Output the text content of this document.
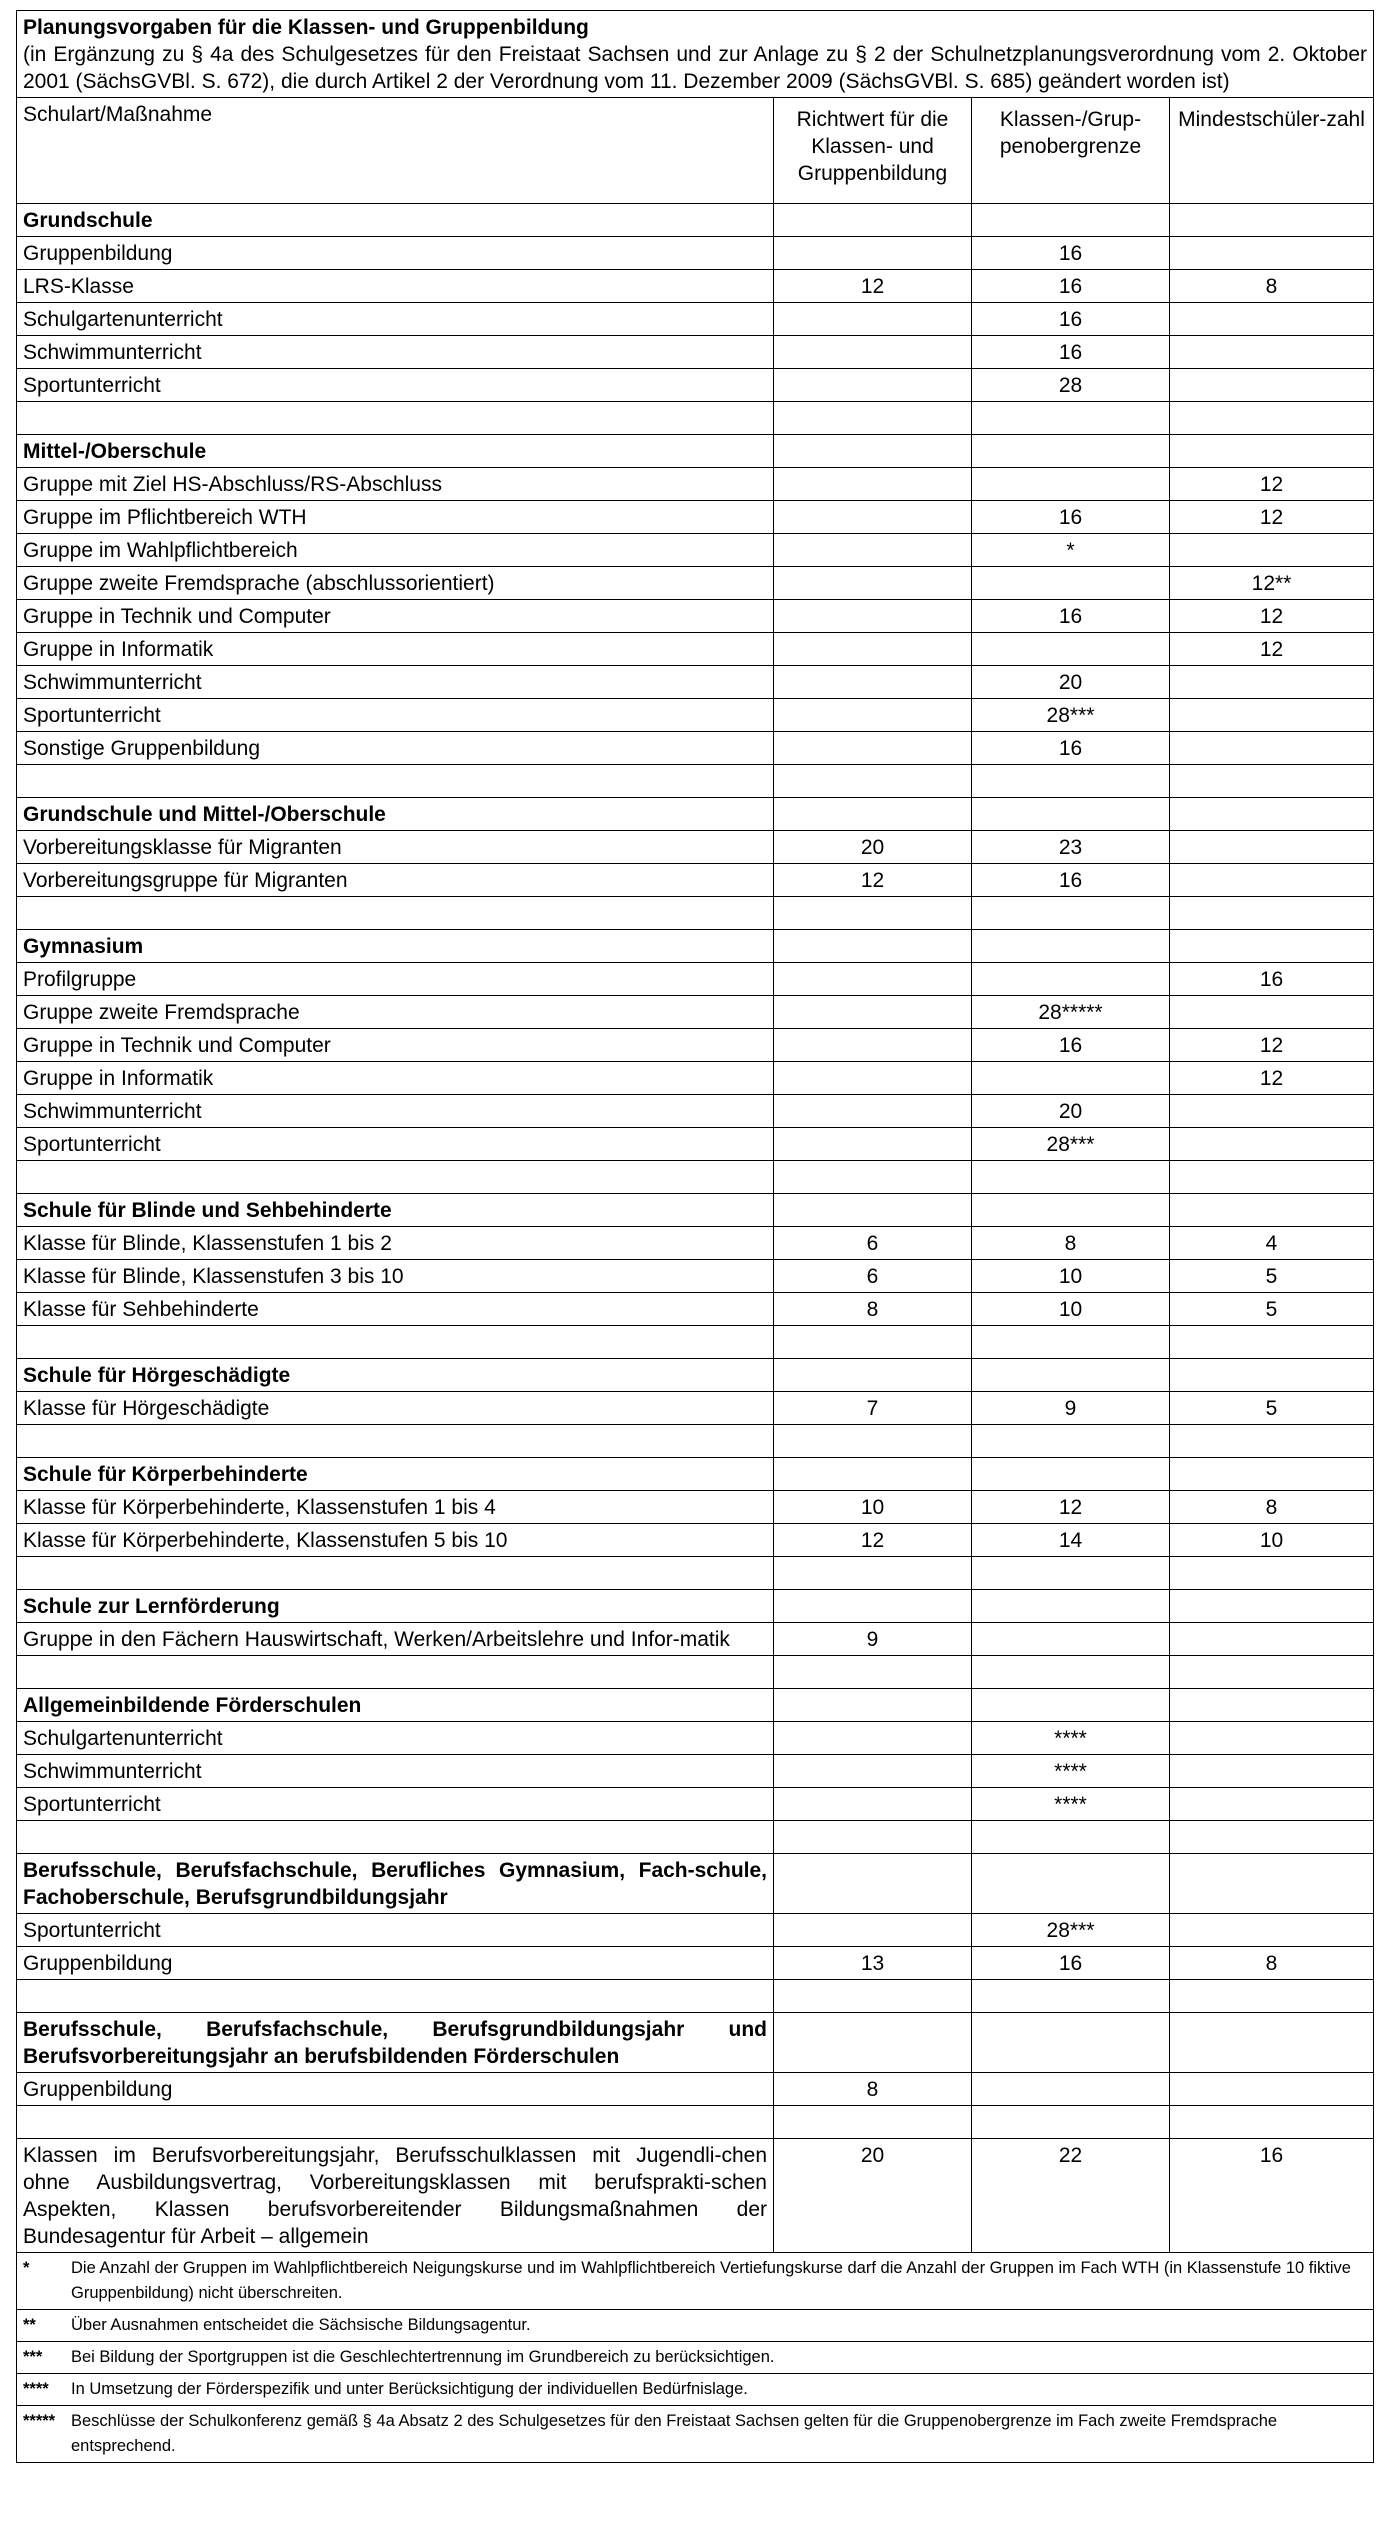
Planungsvorgaben für die Klassen- und Gruppenbildung
(in Ergänzung zu § 4a des Schulgesetzes für den Freistaat Sachsen und zur Anlage zu § 2 der Schulnetzplanungsverordnung vom 2. Oktober 2001 (SächsGVBl. S. 672), die durch Artikel 2 der Verordnung vom 11. Dezember 2009 (SächsGVBl. S. 685) geändert worden ist)			

Schulart/Maßnahme	Richtwert für die Klassen- und Gruppenbildung	Klassen-/Grup-penobergrenze	Mindestschüler-zahl
Grundschule			
Gruppenbildung		16	
LRS-Klasse	12	16	8
Schulgartenunterricht		16	
Schwimmunterricht		16	
Sportunterricht		28	

Mittel-/Oberschule			
Gruppe mit Ziel HS-Abschluss/RS-Abschluss			12
Gruppe im Pflichtbereich WTH		16	12
Gruppe im Wahlpflichtbereich		*	
Gruppe zweite Fremdsprache (abschlussorientiert)			12**
Gruppe in Technik und Computer		16	12
Gruppe in Informatik			12
Schwimmunterricht		20	
Sportunterricht		28***	
Sonstige Gruppenbildung		16	

Grundschule und Mittel-/Oberschule			
Vorbereitungsklasse für Migranten	20	23	
Vorbereitungsgruppe für Migranten	12	16	

Gymnasium			
Profilgruppe			16
Gruppe zweite Fremdsprache		28*****	
Gruppe in Technik und Computer		16	12
Gruppe in Informatik			12
Schwimmunterricht		20	
Sportunterricht		28***	

Schule für Blinde und Sehbehinderte			
Klasse für Blinde, Klassenstufen 1 bis 2	6	8	4
Klasse für Blinde, Klassenstufen 3 bis 10	6	10	5
Klasse für Sehbehinderte	8	10	5

Schule für Hörgeschädigte			
Klasse für Hörgeschädigte	7	9	5

Schule für Körperbehinderte			
Klasse für Körperbehinderte, Klassenstufen 1 bis 4	10	12	8
Klasse für Körperbehinderte, Klassenstufen 5 bis 10	12	14	10

Schule zur Lernförderung			
Gruppe in den Fächern Hauswirtschaft, Werken/Arbeitslehre und Infor-matik	9		

Allgemeinbildende Förderschulen			
Schulgartenunterricht		****	
Schwimmunterricht		****	
Sportunterricht		****	

Berufsschule, Berufsfachschule, Berufliches Gymnasium, Fach-schule, Fachoberschule, Berufsgrundbildungsjahr			
Sportunterricht		28***	
Gruppenbildung	13	16	8

Berufsschule, Berufsfachschule, Berufsgrundbildungsjahr und Berufsvorbereitungsjahr an berufsbildenden Förderschulen			
Gruppenbildung	8		

Klassen im Berufsvorbereitungsjahr, Berufsschulklassen mit Jugendli-chen ohne Ausbildungsvertrag, Vorbereitungsklassen mit berufsprakti-schen Aspekten, Klassen berufsvorbereitender Bildungsmaßnahmen der Bundesagentur für Arbeit – allgemein	20	22	16
* Die Anzahl der Gruppen im Wahlpflichtbereich Neigungskurse und im Wahlpflichtbereich Vertiefungskurse darf die Anzahl der Gruppen im Fach WTH (in Klassenstufe 10 fiktive Gruppenbildung) nicht überschreiten.			
** Über Ausnahmen entscheidet die Sächsische Bildungsagentur.			
*** Bei Bildung der Sportgruppen ist die Geschlechtertrennung im Grundbereich zu berücksichtigen.			
**** In Umsetzung der Förderspezifik und unter Berücksichtigung der individuellen Bedürfnislage.			
***** Beschlüsse der Schulkonferenz gemäß § 4a Absatz 2 des Schulgesetzes für den Freistaat Sachsen gelten für die Gruppenobergrenze im Fach zweite Fremdsprache entsprechend.			
